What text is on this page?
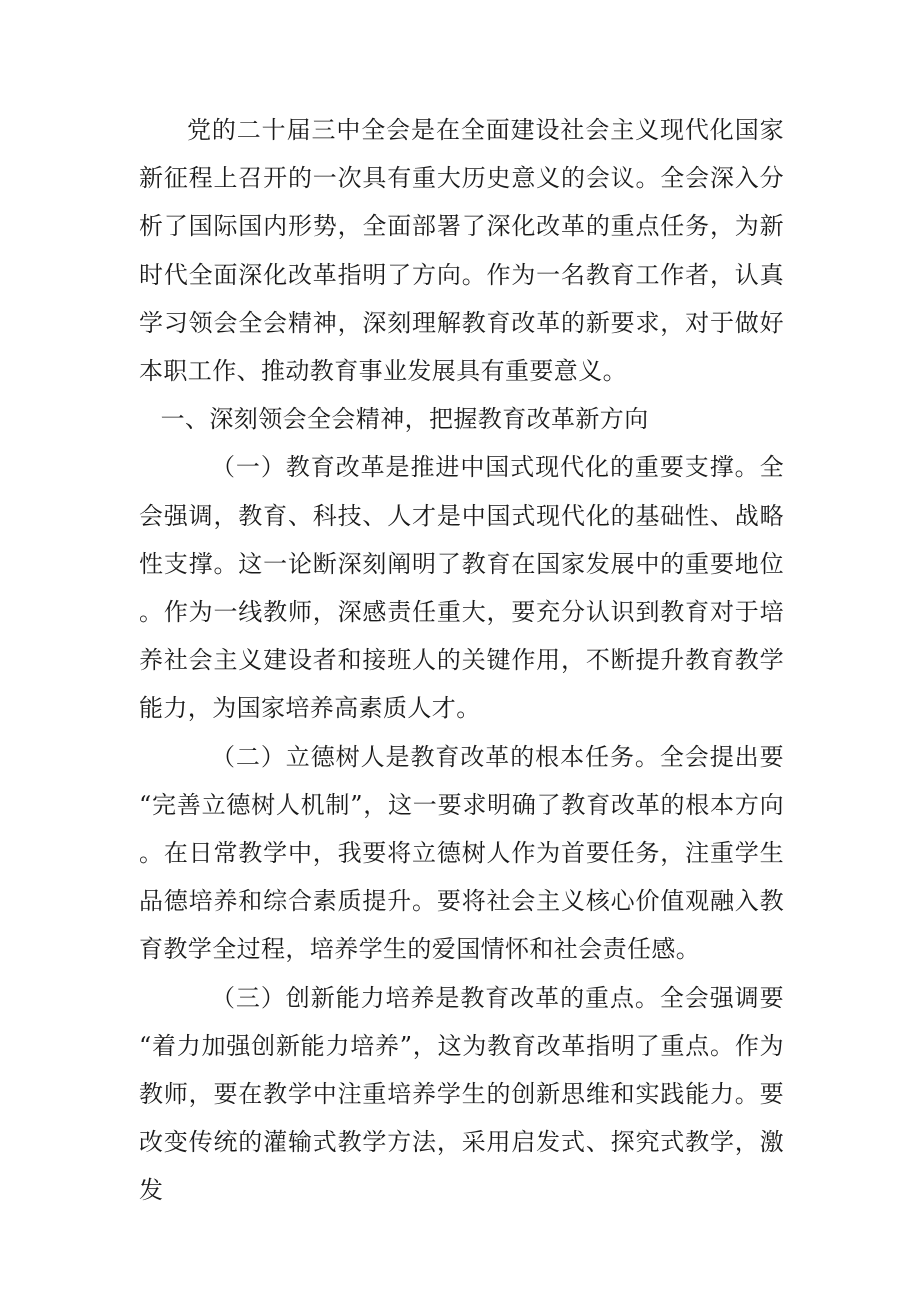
党的二十届三中全会是在全面建设社会主义现代化国家新征程上召开的一次具有重大历史意义的会议。全会深入分析了国际国内形势，全面部署了深化改革的重点任务，为新时代全面深化改革指明了方向。作为一名教育工作者，认真学习领会全会精神，深刻理解教育改革的新要求，对于做好本职工作、推动教育事业发展具有重要意义。

一、深刻领会全会精神，把握教育改革新方向

（一）教育改革是推进中国式现代化的重要支撑。全会强调，教育、科技、人才是中国式现代化的基础性、战略性支撑。这一论断深刻阐明了教育在国家发展中的重要地位。作为一线教师，深感责任重大，要充分认识到教育对于培养社会主义建设者和接班人的关键作用，不断提升教育教学能力，为国家培养高素质人才。

（二）立德树人是教育改革的根本任务。全会提出要“完善立德树人机制”，这一要求明确了教育改革的根本方向。在日常教学中，我要将立德树人作为首要任务，注重学生品德培养和综合素质提升。要将社会主义核心价值观融入教育教学全过程，培养学生的爱国情怀和社会责任感。

（三）创新能力培养是教育改革的重点。全会强调要“着力加强创新能力培养”，这为教育改革指明了重点。作为教师，要在教学中注重培养学生的创新思维和实践能力。要改变传统的灌输式教学方法，采用启发式、探究式教学，激发
